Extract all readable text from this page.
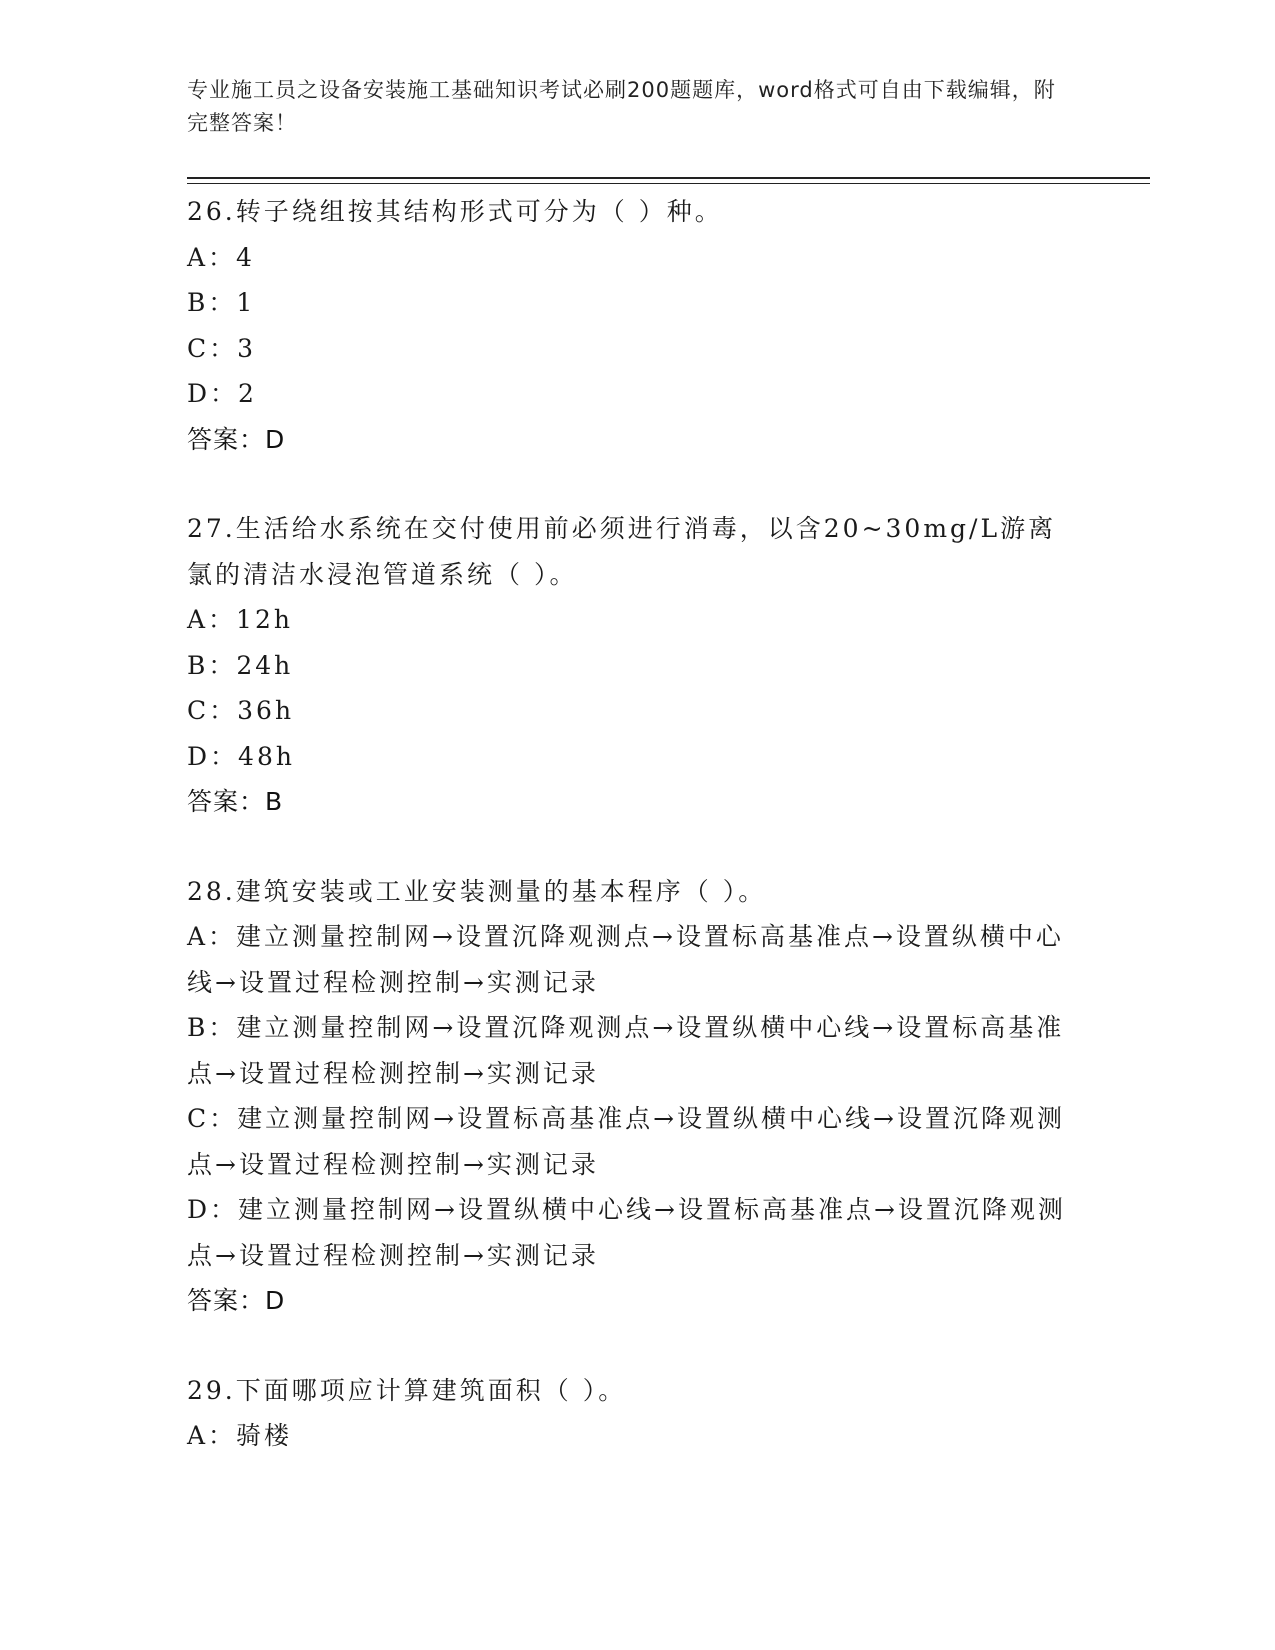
专业施工员之设备安装施工基础知识考试必刷200题题库，word格式可自由下载编辑，附完整答案！
26.转子绕组按其结构形式可分为（ ）种。
A：4
B：1
C：3
D：2
答案：D
27.生活给水系统在交付使用前必须进行消毒，以含20~30mg/L游离氯的清洁水浸泡管道系统（ ）。
A：12h
B：24h
C：36h
D：48h
答案：B
28.建筑安装或工业安装测量的基本程序（ ）。
A：建立测量控制网→设置沉降观测点→设置标高基准点→设置纵横中心线→设置过程检测控制→实测记录
B：建立测量控制网→设置沉降观测点→设置纵横中心线→设置标高基准点→设置过程检测控制→实测记录
C：建立测量控制网→设置标高基准点→设置纵横中心线→设置沉降观测点→设置过程检测控制→实测记录
D：建立测量控制网→设置纵横中心线→设置标高基准点→设置沉降观测点→设置过程检测控制→实测记录
答案：D
29.下面哪项应计算建筑面积（ ）。
A：骑楼
